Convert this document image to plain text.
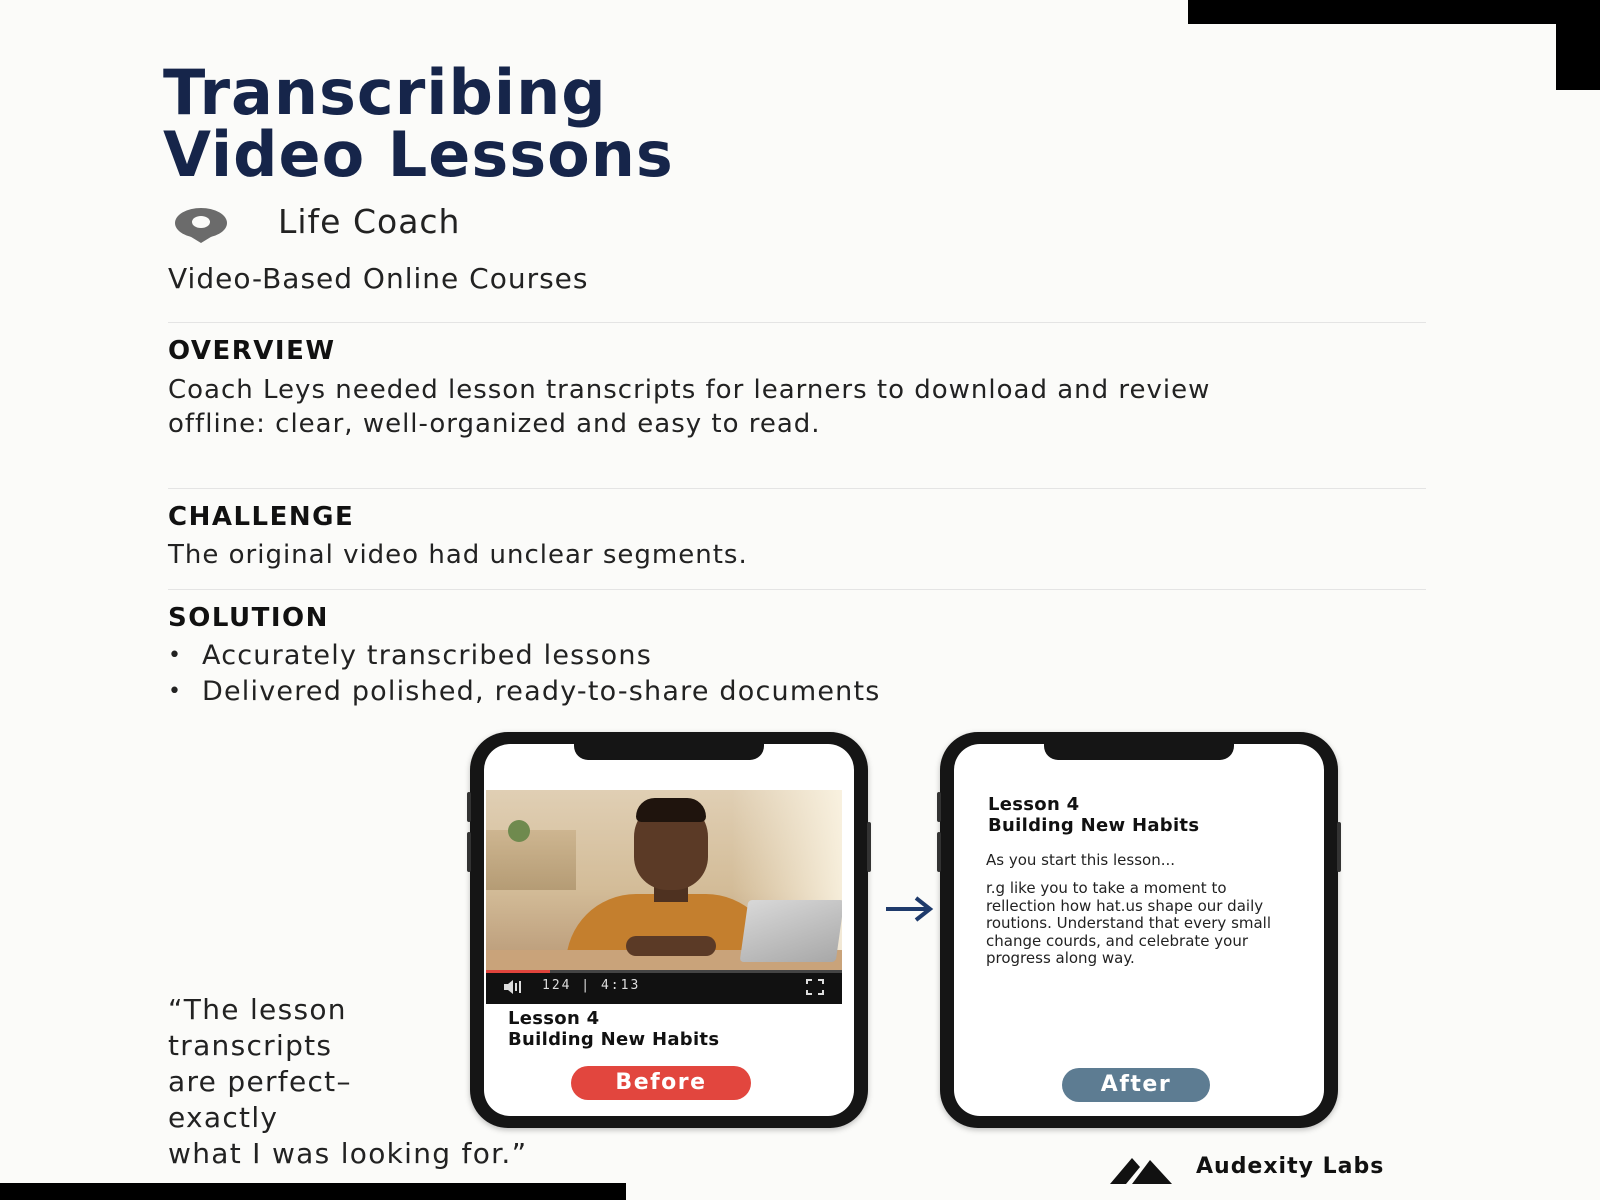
Transcribing
Video Lessons
Life Coach
Video-Based Online Courses
OVERVIEW

Coach Leys needed lesson transcripts for learners to download and review offline: clear, well-organized and easy to read.

CHALLENGE

The original video had unclear segments.

SOLUTION
• Accurately transcribed lessons
• Delivered polished, ready-to-share documents
124 | 4:13
Lesson 4
Building New Habits
Before
Lesson 4
Building New Habits

As you start this lesson...

r.g like you to take a moment to rellection how hat.us shape our daily routions. Understand that every small change courds, and celebrate your progress along way.

After
“The lesson
transcripts
are perfect–
exactly
what I was looking for.”	Audexity Labs
